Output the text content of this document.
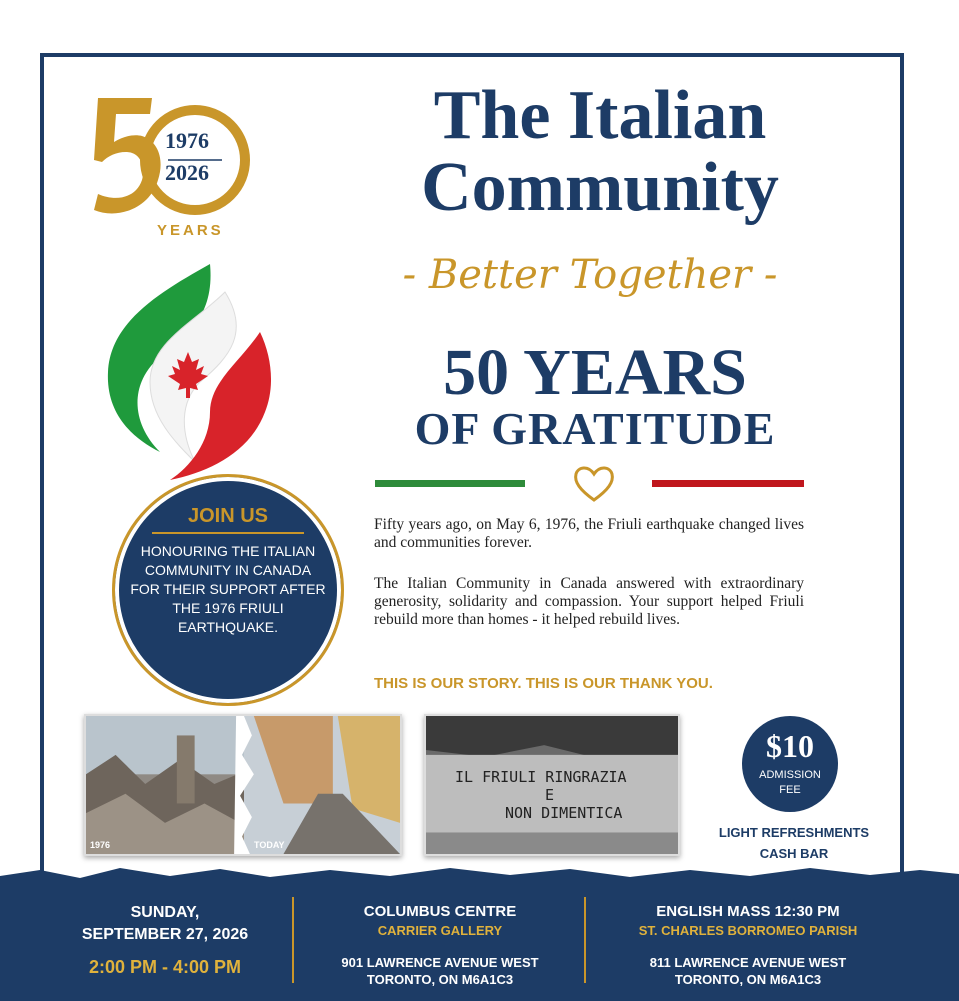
1976
2026
YEARS
The Italian
Community
- Better Together -
50 YEARS
OF GRATITUDE
Fifty years ago, on May 6, 1976, the Friuli earthquake changed lives and communities forever.
The Italian Community in Canada answered with extraordinary generosity, solidarity and compassion. Your support helped Friuli rebuild more than homes - it helped rebuild lives.
THIS IS OUR STORY. THIS IS OUR THANK YOU.
JOIN US
HONOURING THE ITALIAN COMMUNITY IN CANADA FOR THEIR SUPPORT AFTER THE 1976 FRIULI EARTHQUAKE.
1976	TODAY
IL FRIULI RINGRAZIA
E
NON DIMENTICA
$10
ADMISSION
FEE
LIGHT REFRESHMENTS
CASH BAR
SUNDAY,
SEPTEMBER 27, 2026
2:00 PM - 4:00 PM
COLUMBUS CENTRE
CARRIER GALLERY
901 LAWRENCE AVENUE WEST
TORONTO, ON M6A1C3
ENGLISH MASS 12:30 PM
ST. CHARLES BORROMEO PARISH
811 LAWRENCE AVENUE WEST
TORONTO, ON M6A1C3
